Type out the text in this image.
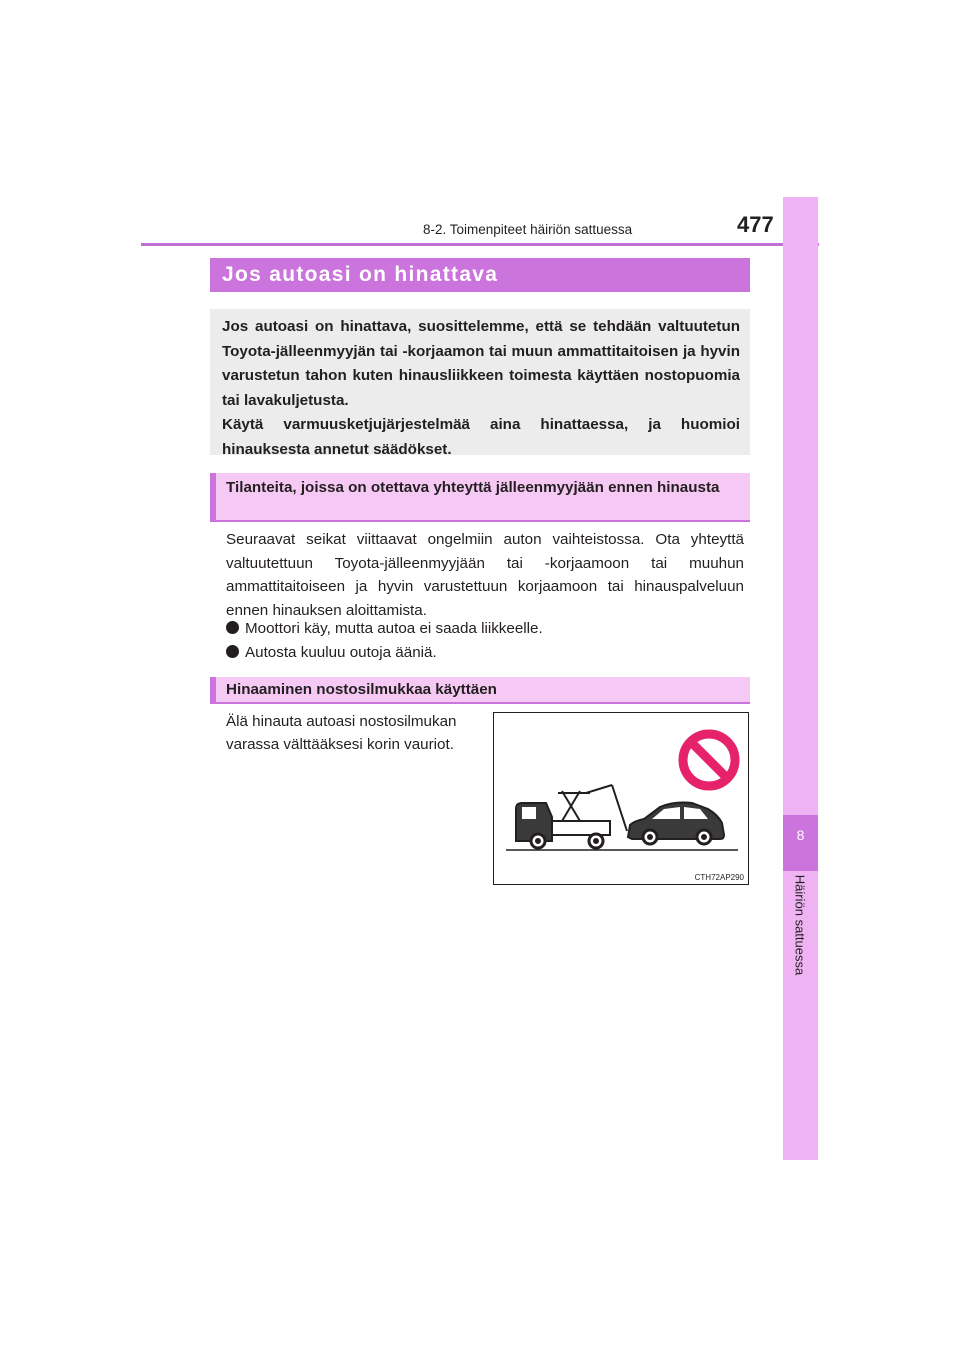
8-2. Toimenpiteet häiriön sattuessa	477
8
Häiriön sattuessa
Jos autoasi on hinattava

Jos autoasi on hinattava, suosittelemme, että se tehdään valtuutetun Toyota-jälleenmyyjän tai -korjaamon tai muun ammattitaitoisen ja hyvin varustetun tahon kuten hinausliikkeen toimesta käyttäen nostopuomia tai lavakuljetusta.

Käytä varmuusketjujärjestelmää aina hinattaessa, ja huomioi hinauksesta annetut säädökset.

Tilanteita, joissa on otettava yhteyttä jälleenmyyjään ennen hinausta

Seuraavat seikat viittaavat ongelmiin auton vaihteistossa. Ota yhteyttä valtuutettuun Toyota-jälleenmyyjään tai -korjaamoon tai muuhun ammattitaitoiseen ja hyvin varustettuun korjaamoon tai hinauspalveluun ennen hinauksen aloittamista.

Moottori käy, mutta autoa ei saada liikkeelle.
Autosta kuuluu outoja ääniä.
Hinaaminen nostosilmukkaa käyttäen

Älä hinauta autoasi nostosilmukan varassa välttääksesi korin vauriot.

CTH72AP290
